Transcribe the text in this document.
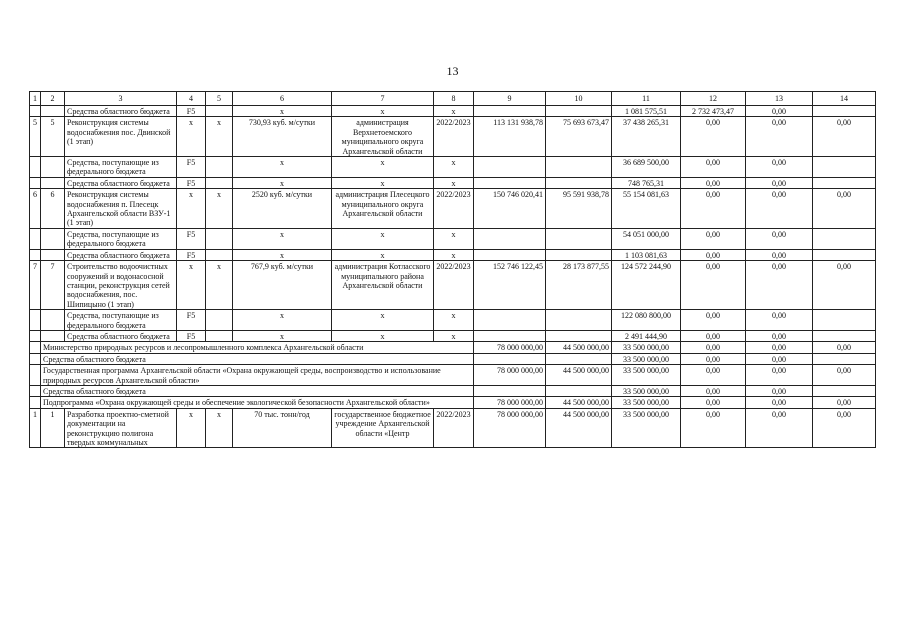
13
1	2	3	4	5	6	7	8	9	10	11	12	13	14
		Средства областного бюджета	F5		x	x	x			1 081 575,51	2 732 473,47	0,00	
5	5	Реконструкция системы водоснабжения пос. Двинской (1 этап)	x	x	730,93 куб. м/сутки	администрация Верхнетоемского муниципального округа Архангельской области	2022/2023	113 131 938,78	75 693 673,47	37 438 265,31	0,00	0,00	0,00
		Средства, поступающие из федерального бюджета	F5		x	x	x			36 689 500,00	0,00	0,00	
		Средства областного бюджета	F5		x	x	x			748 765,31	0,00	0,00	
6	6	Реконструкция системы водоснабжения п. Плесецк Архангельской области ВЗУ-1 (1 этап)	x	x	2520 куб. м/сутки	администрация Плесецкого муниципального округа Архангельской области	2022/2023	150 746 020,41	95 591 938,78	55 154 081,63	0,00	0,00	0,00
		Средства, поступающие из федерального бюджета	F5		x	x	x			54 051 000,00	0,00	0,00	
		Средства областного бюджета	F5		x	x	x			1 103 081,63	0,00	0,00	
7	7	Строительство водоочистных сооружений и водонасосной станции, реконструкция сетей водоснабжения, пос. Шипицыно (1 этап)	x	x	767,9 куб. м/сутки	администрация Котласского муниципального района Архангельской области	2022/2023	152 746 122,45	28 173 877,55	124 572 244,90	0,00	0,00	0,00
		Средства, поступающие из федерального бюджета	F5		x	x	x			122 080 800,00	0,00	0,00	
		Средства областного бюджета	F5		x	x	x			2 491 444,90	0,00	0,00	
	Министерство природных ресурсов и лесопромышленного комплекса Архангельской области							78 000 000,00	44 500 000,00	33 500 000,00	0,00	0,00	0,00
	Средства областного бюджета									33 500 000,00	0,00	0,00	
	Государственная программа Архангельской области «Охрана окружающей среды, воспроизводство и использование природных ресурсов Архангельской области»							78 000 000,00	44 500 000,00	33 500 000,00	0,00	0,00	0,00
	Средства областного бюджета									33 500 000,00	0,00	0,00	
	Подпрограмма «Охрана окружающей среды и обеспечение экологической безопасности Архангельской области»							78 000 000,00	44 500 000,00	33 500 000,00	0,00	0,00	0,00
1	1	Разработка проектно-сметной документации на реконструкцию полигона твердых коммунальных	x	x	70 тыс. тонн/год	государственное бюджетное учреждение Архангельской области «Центр	2022/2023	78 000 000,00	44 500 000,00	33 500 000,00	0,00	0,00	0,00
